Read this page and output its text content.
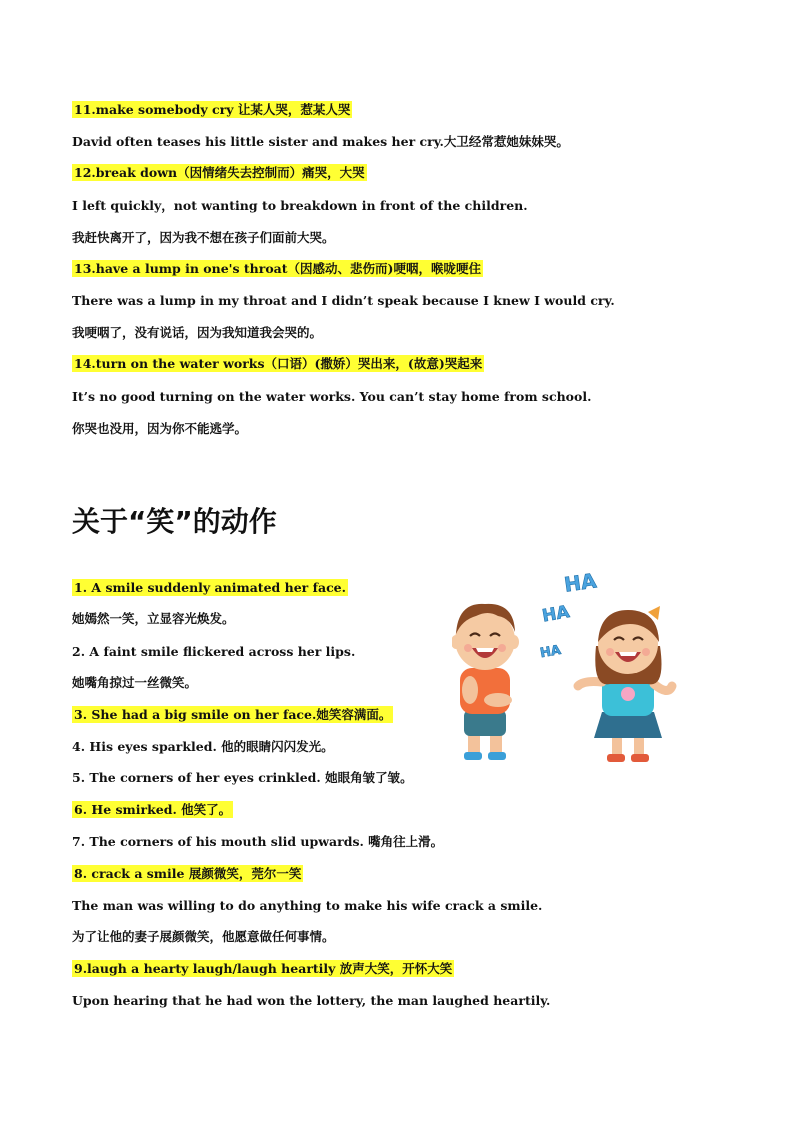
11.make somebody cry 让某人哭，惹某人哭
David often teases his little sister and makes her cry.大卫经常惹她妹妹哭。
12.break down（因情绪失去控制而）痛哭，大哭
I left quickly，not wanting to breakdown in front of the children.
我赶快离开了，因为我不想在孩子们面前大哭。
13.have a lump in one's throat（因感动、悲伤而)哽咽，喉咙哽住
There was a lump in my throat and I didn’t speak because I knew I would cry.
我哽咽了，没有说话，因为我知道我会哭的。
14.turn on the water works（口语）(撒娇）哭出来，(故意)哭起来
It’s no good turning on the water works. You can’t stay home from school.
你哭也没用，因为你不能逃学。
关于“笑”的动作
1. A smile suddenly animated her face.
她嫣然一笑，立显容光焕发。
2. A faint smile flickered across her lips.
她嘴角掠过一丝微笑。
3. She had a big smile on her face.她笑容满面。
4. His eyes sparkled. 他的眼睛闪闪发光。
5. The corners of her eyes crinkled. 她眼角皱了皱。
6. He smirked. 他笑了。
7. The corners of his mouth slid upwards. 嘴角往上滑。
8. crack a smile 展颜微笑，莞尔一笑
The man was willing to do anything to make his wife crack a smile.
为了让他的妻子展颜微笑，他愿意做任何事情。
9.laugh a hearty laugh/laugh heartily 放声大笑，开怀大笑
Upon hearing that he had won the lottery, the man laughed heartily.
HA
HA
HA
